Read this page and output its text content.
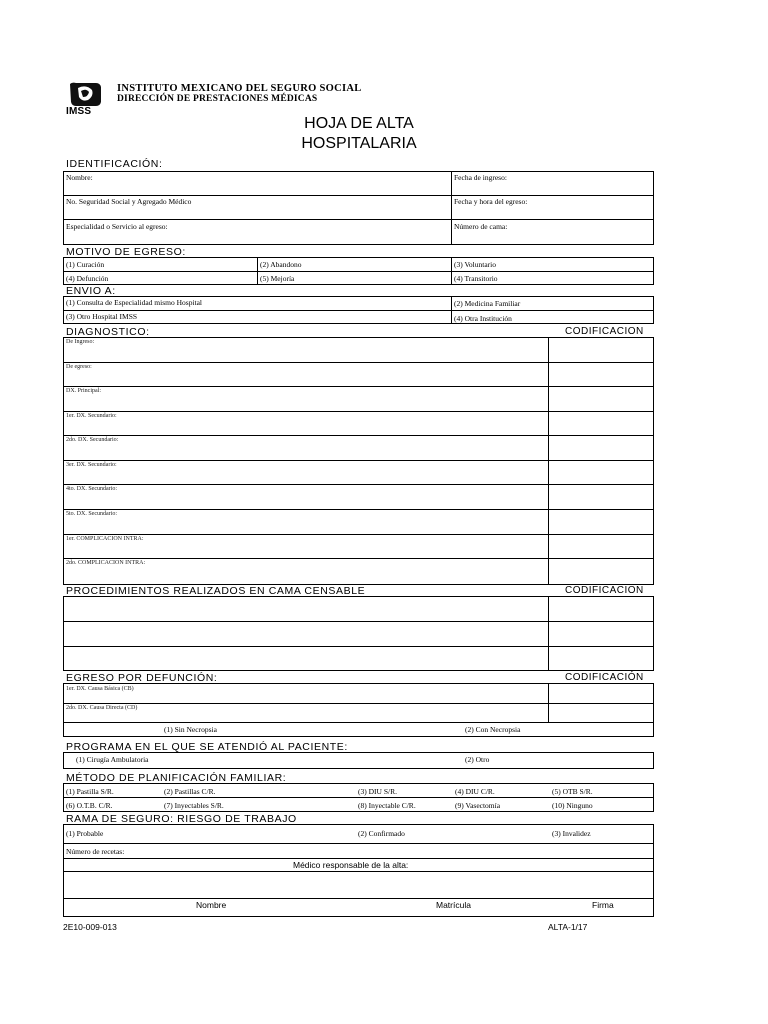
IMSS
INSTITUTO MEXICANO DEL SEGURO SOCIAL
DIRECCIÓN DE PRESTACIONES MÉDICAS
HOJA DE ALTA
HOSPITALARIA
IDENTIFICACIÓN:
Nombre:	Fecha de ingreso:
No. Seguridad Social y Agregado Médico	Fecha y hora del egreso:
Especialidad o Servicio al egreso:	Número de cama:
MOTIVO DE EGRESO:
(1) Curación	(2) Abandono	(3) Voluntario
(4) Defunción	(5) Mejoría	(4) Transitorio
ENVIO A:
(1) Consulta de Especialidad mismo Hospital	(2) Medicina Familiar
(3) Otro Hospital IMSS	(4) Otra Institución
DIAGNOSTICO:	CODIFICACION
De Ingreso:
De egreso:
DX. Principal:
1er. DX. Secundario:
2do. DX. Secundario:
3er. DX. Secundario:
4to. DX. Secundario:
5to. DX. Secundario:
1er. COMPLICACION INTRA:
2do. COMPLICACION INTRA:
PROCEDIMIENTOS REALIZADOS EN CAMA CENSABLE	CODIFICACION
EGRESO POR DEFUNCIÓN:	CODIFICACIÓN
1er. DX. Causa Básica (CB)
2do. DX. Causa Directa (CD)
(1) Sin Necropsia	(2) Con Necropsia
PROGRAMA EN EL QUE SE ATENDIÓ AL PACIENTE:
(1) Cirugía Ambulatoria	(2) Otro
MÉTODO DE PLANIFICACIÓN FAMILIAR:
(1) Pastilla S/R.	(2) Pastillas C/R.	(3) DIU S/R.	(4) DIU C/R.	(5) OTB S/R.
(6) O.T.B. C/R.	(7) Inyectables S/R.	(8) Inyectable C/R.	(9) Vasectomía	(10) Ninguno
RAMA DE SEGURO: RIESGO DE TRABAJO
(1) Probable	(2) Confirmado	(3) Invalidez
Número de recetas:
Médico responsable de la alta:
Nombre	Matrícula	Firma
2E10-009-013	ALTA-1/17
